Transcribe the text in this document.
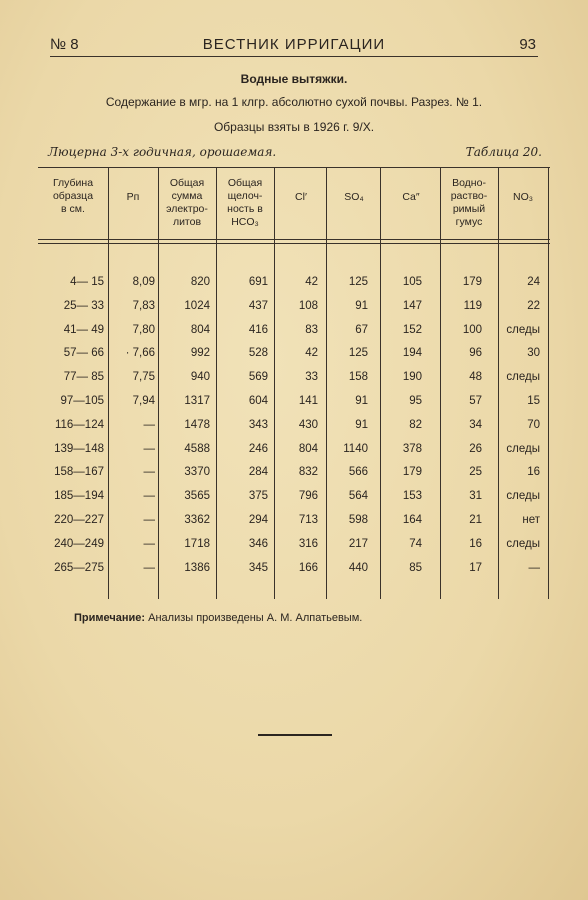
№ 8	ВЕСТНИК ИРРИГАЦИИ	93
Водные вытяжки.
Содержание в мгр. на 1 клгр. абсолютно сухой почвы. Разрез. № 1.
Образцы взяты в 1926 г. 9/X.
Люцерна 3-х годичная, орошаемая.	Таблица 20.
Глубина
образца
в см.
Рп
Общая
сумма
электро-
литов
Общая
щелоч-
ность в
HCO₃
Cl′	SO₄	Ca″
Водно-
раство-
римый
гумус
NO₃
4— 15	8,09	820	691	42	125	105	179	24
25— 33	7,83	1024	437	108	91	147	119	22
41— 49	7,80	804	416	83	67	152	100	следы
57— 66	· 7,66	992	528	42	125	194	96	30
77— 85	7,75	940	569	33	158	190	48	следы
97—105	7,94	1317	604	141	91	95	57	15
116—124	—	1478	343	430	91	82	34	70
139—148	—	4588	246	804	1140	378	26	следы
158—167	—	3370	284	832	566	179	25	16
185—194	—	3565	375	796	564	153	31	следы
220—227	—	3362	294	713	598	164	21	нет
240—249	—	1718	346	316	217	74	16	следы
265—275	—	1386	345	166	440	85	17	—
Примечание: Анализы произведены А. М. Алпатьевым.
